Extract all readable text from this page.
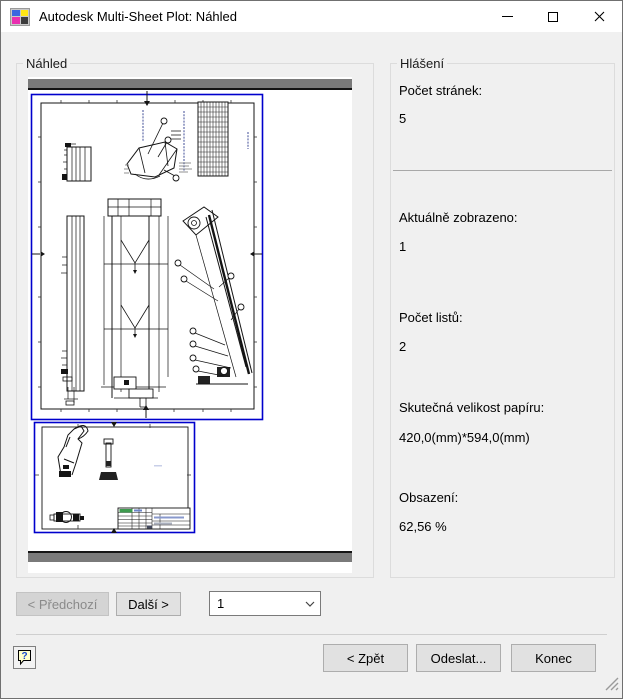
Autodesk Multi-Sheet Plot: Náhled
Náhled	Hlášení
Počet stránek:
5
Aktuálně zobrazeno:
1
Počet listů:
2
Skutečná velikost papíru:
420,0(mm)*594,0(mm)
Obsazení:
62,56 %
< Předchozí	Další >	1
?	< Zpět	Odeslat...	Konec
